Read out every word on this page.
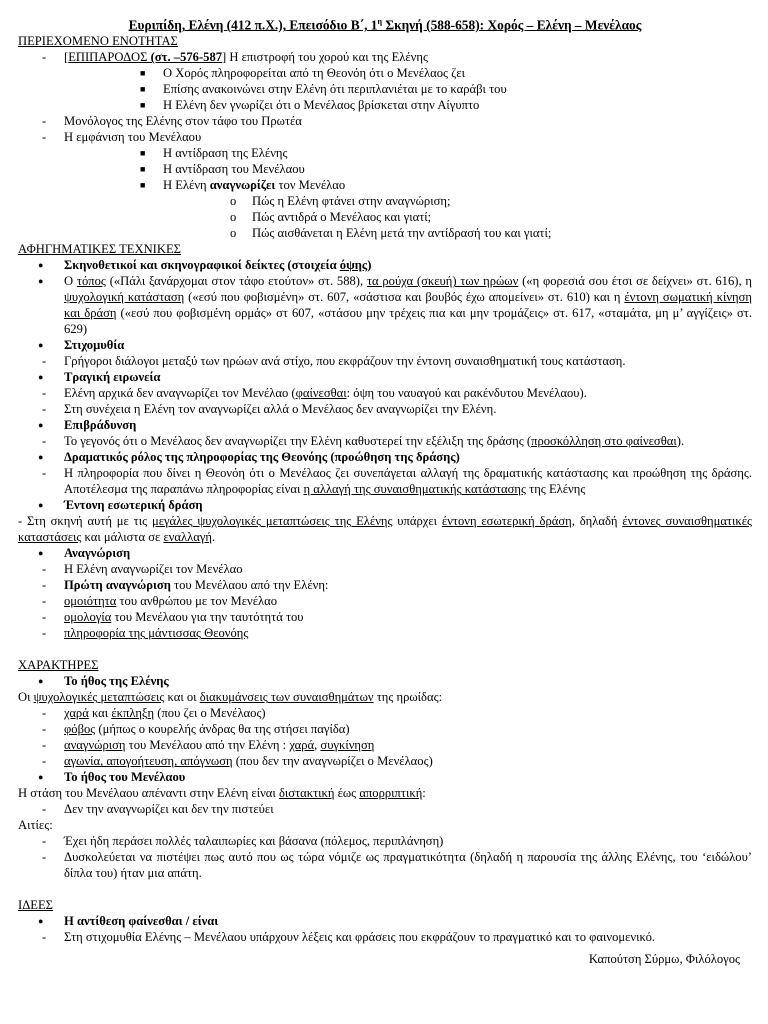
Ευριπίδη, Ελένη (412 π.Χ.), Επεισόδιο Β΄, $1^\eta$ Σκηνή (588-658): Χορός – Ελένη – Μενέλαος
ΠΕΡΙΕΧΟΜΕΝΟ ΕΝΟΤΗΤΑΣ
- [ΕΠΙΠΑΡΟΔΟΣ (στ. –576-587] Η επιστροφή του χορού και της Ελένης
■ Ο Χορός πληροφορείται από τη Θεονόη ότι ο Μενέλαος ζει
■ Επίσης ανακοινώνει στην Ελένη ότι περιπλανιέται με το καράβι του
■ Η Ελένη δεν γνωρίζει ότι ο Μενέλαος βρίσκεται στην Αίγυπτο
- Μονόλογος της Ελένης στον τάφο του Πρωτέα
- Η εμφάνιση του Μενέλαου
■ Η αντίδραση της Ελένης
■ Η αντίδραση του Μενέλαου
■ Η Ελένη αναγνωρίζει τον Μενέλαο
o Πώς η Ελένη φτάνει στην αναγνώριση;
o Πώς αντιδρά ο Μενέλαος και γιατί;
o Πώς αισθάνεται η Ελένη μετά την αντίδρασή του και γιατί;
ΑΦΗΓΗΜΑΤΙΚΕΣ ΤΕΧΝΙΚΕΣ
● Σκηνοθετικοί και σκηνογραφικοί δείκτες (στοιχεία όψης)
● Ο τόπος («Πάλι ξανάρχομαι στον τάφο ετούτον» στ. 588), τα ρούχα (σκευή) των ηρώων («η φορεσιά σου έτσι σε δείχνει» στ. 616), η ψυχολογική κατάσταση («εσύ που φοβισμένη» στ. 607, «σάστισα και βουβός έχω απομείνει» στ. 610) και η έντονη σωματική κίνηση και δράση («εσύ που φοβισμένη ορμάς» στ 607, «στάσου μην τρέχεις πια και μην τρομάζεις» στ. 617, «σταμάτα, μη μ’ αγγίζεις» στ. 629)
● Στιχομυθία
- Γρήγοροι διάλογοι μεταξύ των ηρώων ανά στίχο, που εκφράζουν την έντονη συναισθηματική τους κατάσταση.
● Τραγική ειρωνεία
- Ελένη αρχικά δεν αναγνωρίζει τον Μενέλαο (φαίνεσθαι: όψη του ναυαγού και ρακένδυτου Μενέλαου).
- Στη συνέχεια η Ελένη τον αναγνωρίζει αλλά ο Μενέλαος δεν αναγνωρίζει την Ελένη.
● Επιβράδυνση
- Το γεγονός ότι ο Μενέλαος δεν αναγνωρίζει την Ελένη καθυστερεί την εξέλιξη της δράσης (προσκόλληση στο φαίνεσθαι).
● Δραματικός ρόλος της πληροφορίας της Θεονόης (προώθηση της δράσης)
- Η πληροφορία που δίνει η Θεονόη ότι ο Μενέλαος ζει συνεπάγεται αλλαγή της δραματικής κατάστασης και προώθηση της δράσης. Αποτέλεσμα της παραπάνω πληροφορίας είναι η αλλαγή της συναισθηματικής κατάστασης της Ελένης
● Έντονη εσωτερική δράση
- Στη σκηνή αυτή με τις μεγάλες ψυχολογικές μεταπτώσεις της Ελένης υπάρχει έντονη εσωτερική δράση, δηλαδή έντονες συναισθηματικές καταστάσεις και μάλιστα σε εναλλαγή.
● Αναγνώριση
- Η Ελένη αναγνωρίζει τον Μενέλαο
- Πρώτη αναγνώριση του Μενέλαου από την Ελένη:
- ομοιότητα του ανθρώπου με τον Μενέλαο
- ομολογία του Μενέλαου για την ταυτότητά του
- πληροφορία της μάντισσας Θεονόης
ΧΑΡΑΚΤΗΡΕΣ
● Το ήθος της Ελένης
Οι ψυχολογικές μεταπτώσεις και οι διακυμάνσεις των συναισθημάτων της ηρωίδας:
- χαρά και έκπληξη (που ζει ο Μενέλαος)
- φόβος (μήπως ο κουρελής άνδρας θα της στήσει παγίδα)
- αναγνώριση του Μενέλαου από την Ελένη : χαρά, συγκίνηση
- αγωνία, απογοήτευση, απόγνωση (που δεν την αναγνωρίζει ο Μενέλαος)
● Το ήθος του Μενέλαου
Η στάση του Μενέλαου απέναντι στην Ελένη είναι διστακτική έως απορριπτική:
- Δεν την αναγνωρίζει και δεν την πιστεύει
Αιτίες:
- Έχει ήδη περάσει πολλές ταλαιπωρίες και βάσανα (πόλεμος, περιπλάνηση)
- Δυσκολεύεται να πιστέψει πως αυτό που ως τώρα νόμιζε ως πραγματικότητα (δηλαδή η παρουσία της άλλης Ελένης, του ‘ειδώλου’ δίπλα του) ήταν μια απάτη.
ΙΔΕΕΣ
● Η αντίθεση φαίνεσθαι / είναι
- Στη στιχομυθία Ελένης – Μενέλαου υπάρχουν λέξεις και φράσεις που εκφράζουν το πραγματικό και το φαινομενικό.
Καπούτση Σύρμω, Φιλόλογος
